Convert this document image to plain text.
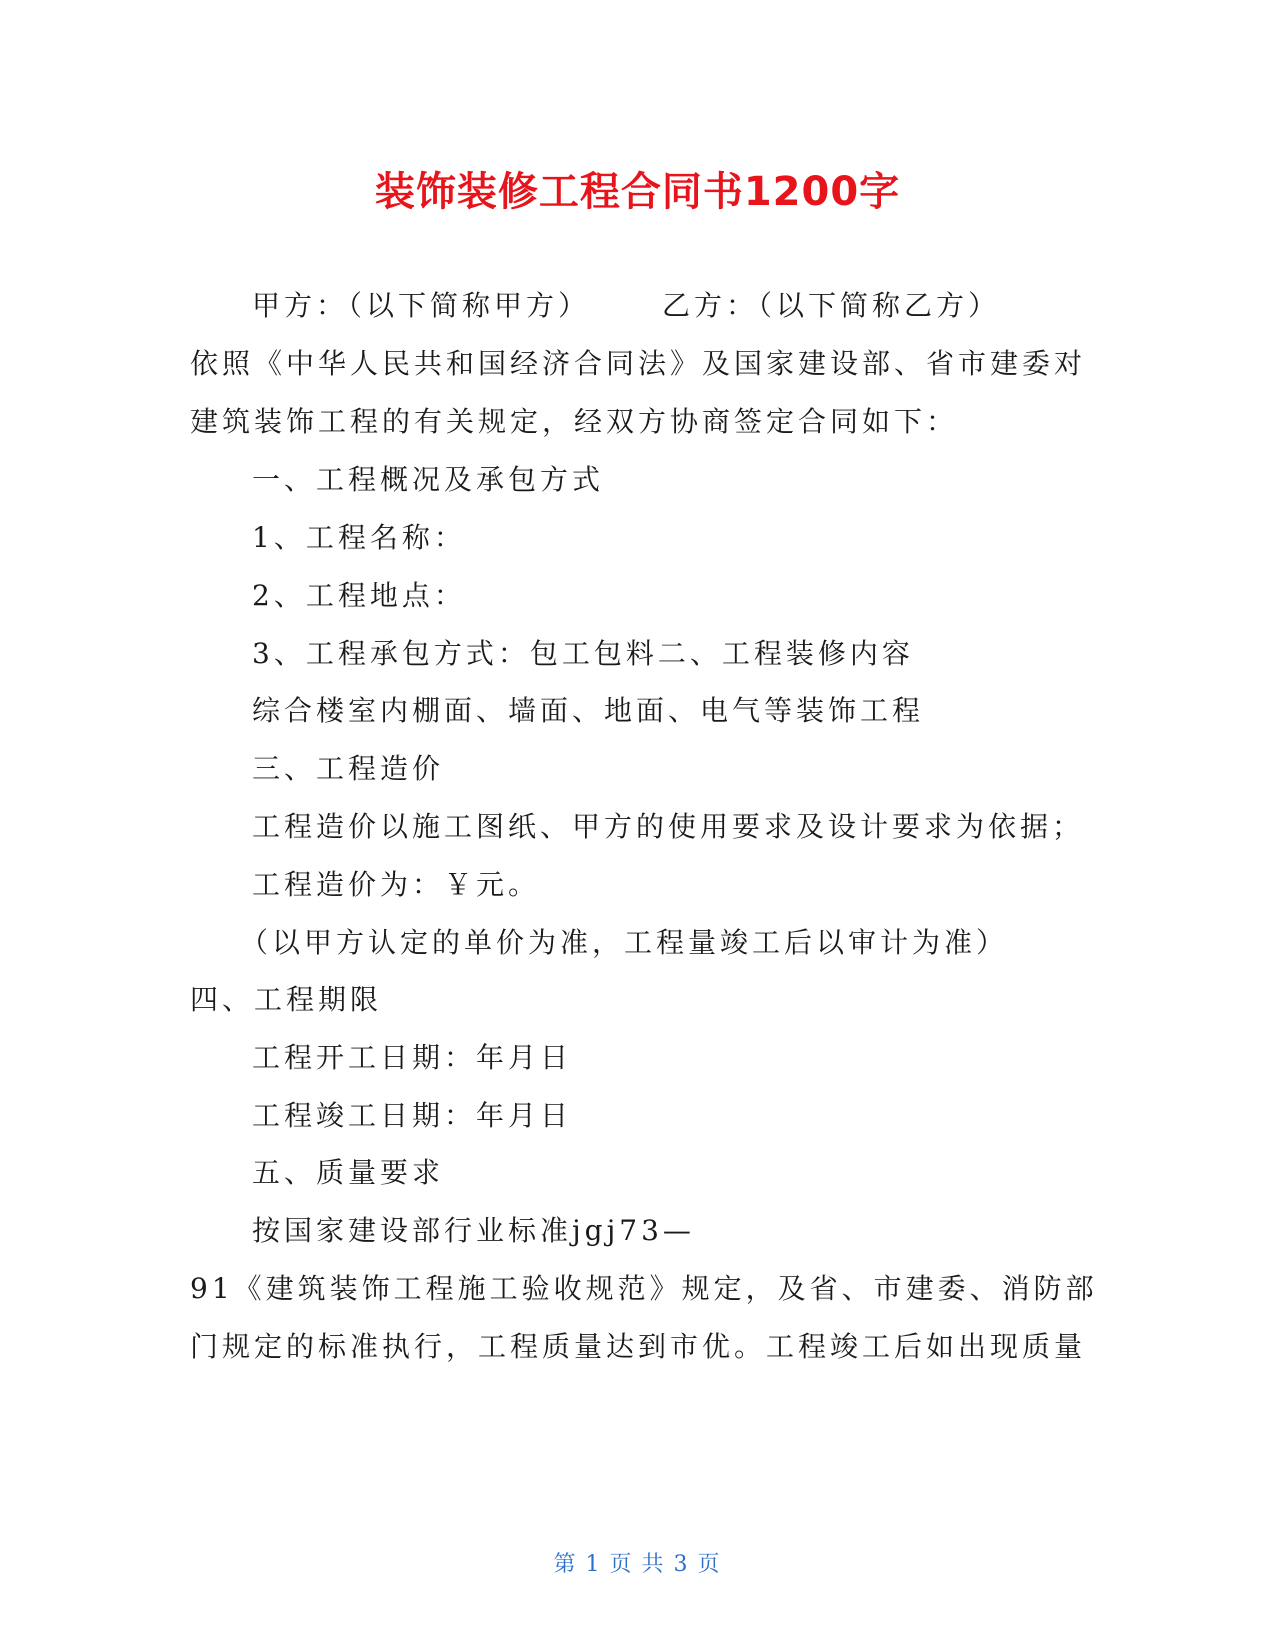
装饰装修工程合同书1200字
甲方：（以下简称甲方）	乙方：（以下简称乙方）
依照《中华人民共和国经济合同法》及国家建设部、省市建委对
建筑装饰工程的有关规定，经双方协商签定合同如下：
一、工程概况及承包方式
1、工程名称：
2、工程地点：
3、工程承包方式：包工包料二、工程装修内容
综合楼室内棚面、墙面、地面、电气等装饰工程
三、工程造价
工程造价以施工图纸、甲方的使用要求及设计要求为依据；
工程造价为：￥元。
（以甲方认定的单价为准，工程量竣工后以审计为准）
四、工程期限
工程开工日期：年月日
工程竣工日期：年月日
五、质量要求
按国家建设部行业标准jgj73—
91《建筑装饰工程施工验收规范》规定，及省、市建委、消防部
门规定的标准执行，工程质量达到市优。工程竣工后如出现质量
第 1 页 共 3 页
